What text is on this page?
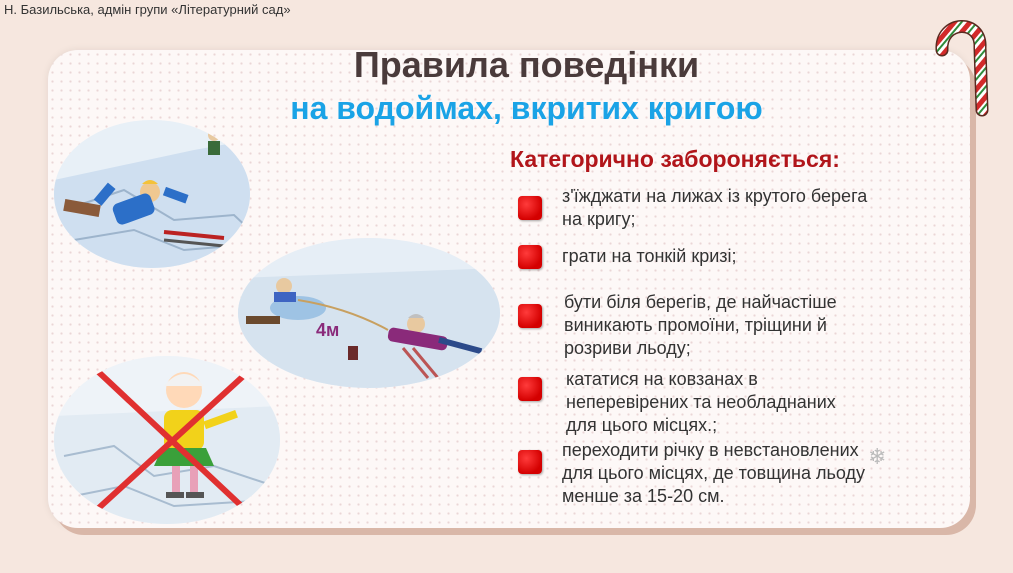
Н. Базильська, адмін групи «Літературний сад»
Правила поведінки
на водоймах, вкритих кригою
4м
Категорично забороняється:
з'їжджати на лижах із крутого берега
на кригу;
грати на тонкій кризі;
бути біля берегів, де найчастіше
виникають промоїни, тріщини й
розриви льоду;
кататися на ковзанах в
неперевірених та необладнаних
для цього місцях.;
переходити річку в невстановлених
для цього місцях, де товщина льоду
менше за 15-20 см.
❄
